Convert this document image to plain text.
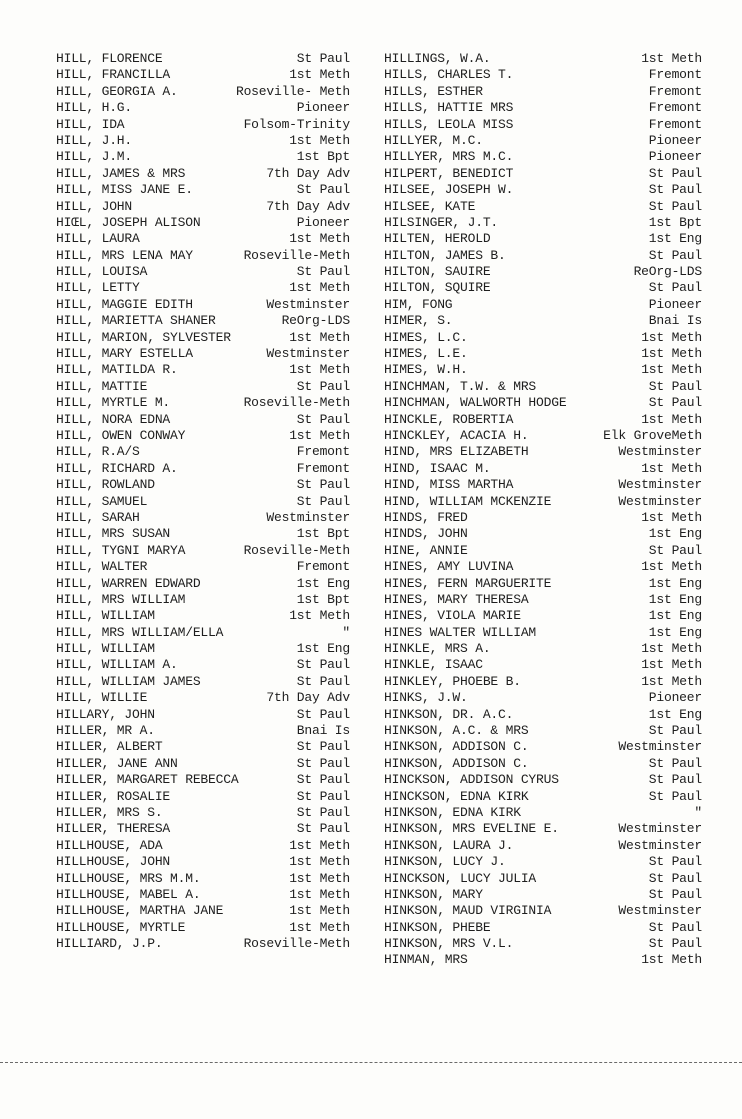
HILL, FLORENCE	St Paul
HILL, FRANCILLA	1st Meth
HILL, GEORGIA A.	Roseville- Meth
HILL, H.G.	Pioneer
HILL, IDA	Folsom-Trinity
HILL, J.H.	1st Meth
HILL, J.M.	1st Bpt
HILL, JAMES & MRS	7th Day Adv
HILL, MISS JANE E.	St Paul
HILL, JOHN	7th Day Adv
HIŒL, JOSEPH ALISON	Pioneer
HILL, LAURA	1st Meth
HILL, MRS LENA MAY	Roseville-Meth
HILL, LOUISA	St Paul
HILL, LETTY	1st Meth
HILL, MAGGIE EDITH	Westminster
HILL, MARIETTA SHANER	ReOrg-LDS
HILL, MARION, SYLVESTER	1st Meth
HILL, MARY ESTELLA	Westminster
HILL, MATILDA R.	1st Meth
HILL, MATTIE	St Paul
HILL, MYRTLE M.	Roseville-Meth
HILL, NORA EDNA	St Paul
HILL, OWEN CONWAY	1st Meth
HILL, R.A/S	Fremont
HILL, RICHARD A.	Fremont
HILL, ROWLAND	St Paul
HILL, SAMUEL	St Paul
HILL, SARAH	Westminster
HILL, MRS SUSAN	1st Bpt
HILL, TYGNI MARYA	Roseville-Meth
HILL, WALTER	Fremont
HILL, WARREN EDWARD	1st Eng
HILL, MRS WILLIAM	1st Bpt
HILL, WILLIAM	1st Meth
HILL, MRS WILLIAM/ELLA	"
HILL, WILLIAM	1st Eng
HILL, WILLIAM A.	St Paul
HILL, WILLIAM JAMES	St Paul
HILL, WILLIE	7th Day Adv
HILLARY, JOHN	St Paul
HILLER, MR A.	Bnai Is
HILLER, ALBERT	St Paul
HILLER, JANE ANN	St Paul
HILLER, MARGARET REBECCA	St Paul
HILLER, ROSALIE	St Paul
HILLER, MRS S.	St Paul
HILLER, THERESA	St Paul
HILLHOUSE, ADA	1st Meth
HILLHOUSE, JOHN	1st Meth
HILLHOUSE, MRS M.M.	1st Meth
HILLHOUSE, MABEL A.	1st Meth
HILLHOUSE, MARTHA JANE	1st Meth
HILLHOUSE, MYRTLE	1st Meth
HILLIARD, J.P.	Roseville-Meth
HILLINGS, W.A.	1st Meth
HILLS, CHARLES T.	Fremont
HILLS, ESTHER	Fremont
HILLS, HATTIE MRS	Fremont
HILLS, LEOLA MISS	Fremont
HILLYER, M.C.	Pioneer
HILLYER, MRS M.C.	Pioneer
HILPERT, BENEDICT	St Paul
HILSEE, JOSEPH W.	St Paul
HILSEE, KATE	St Paul
HILSINGER, J.T.	1st Bpt
HILTEN, HEROLD	1st Eng
HILTON, JAMES B.	St Paul
HILTON, SAUIRE	ReOrg-LDS
HILTON, SQUIRE	St Paul
HIM, FONG	Pioneer
HIMER, S.	Bnai Is
HIMES, L.C.	1st Meth
HIMES, L.E.	1st Meth
HIMES, W.H.	1st Meth
HINCHMAN, T.W. & MRS	St Paul
HINCHMAN, WALWORTH HODGE	St Paul
HINCKLE, ROBERTIA	1st Meth
HINCKLEY, ACACIA H.	Elk GroveMeth
HIND, MRS ELIZABETH	Westminster
HIND, ISAAC M.	1st Meth
HIND, MISS MARTHA	Westminster
HIND, WILLIAM MCKENZIE	Westminster
HINDS, FRED	1st Meth
HINDS, JOHN	1st Eng
HINE, ANNIE	St Paul
HINES, AMY LUVINA	1st Meth
HINES, FERN MARGUERITE	1st Eng
HINES, MARY THERESA	1st Eng
HINES, VIOLA MARIE	1st Eng
HINES WALTER WILLIAM	1st Eng
HINKLE, MRS A.	1st Meth
HINKLE, ISAAC	1st Meth
HINKLEY, PHOEBE B.	1st Meth
HINKS, J.W.	Pioneer
HINKSON, DR. A.C.	1st Eng
HINKSON, A.C. & MRS	St Paul
HINKSON, ADDISON C.	Westminster
HINKSON, ADDISON C.	St Paul
HINCKSON, ADDISON CYRUS	St Paul
HINCKSON, EDNA KIRK	St Paul
HINKSON, EDNA KIRK	"
HINKSON, MRS EVELINE E.	Westminster
HINKSON, LAURA J.	Westminster
HINKSON, LUCY J.	St Paul
HINCKSON, LUCY JULIA	St Paul
HINKSON, MARY	St Paul
HINKSON, MAUD VIRGINIA	Westminster
HINKSON, PHEBE	St Paul
HINKSON, MRS V.L.	St Paul
HINMAN, MRS	1st Meth
